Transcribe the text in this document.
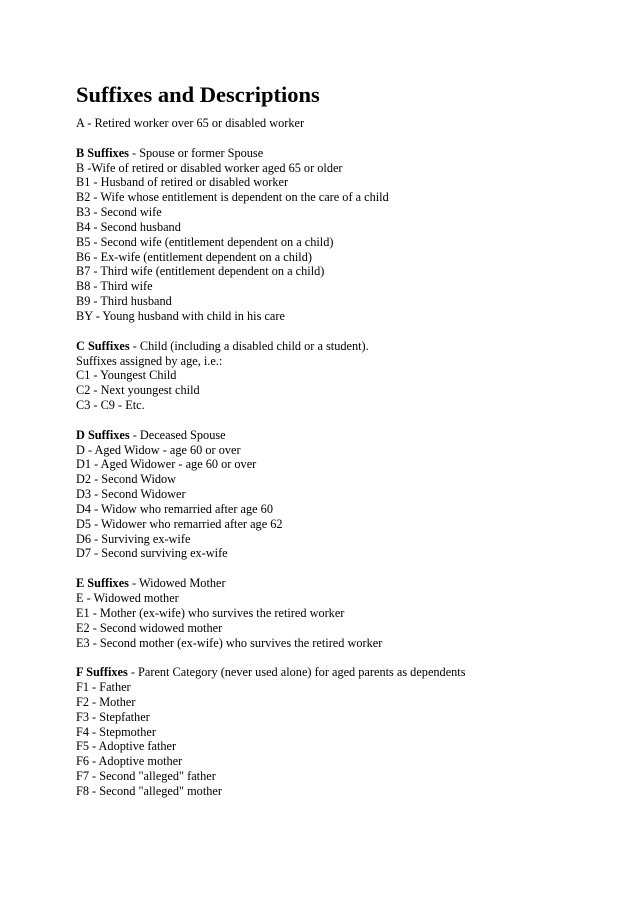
Suffixes and Descriptions
A - Retired worker over 65 or disabled worker
B Suffixes - Spouse or former Spouse
B -Wife of retired or disabled worker aged 65 or older
B1 - Husband of retired or disabled worker
B2 - Wife whose entitlement is dependent on the care of a child
B3 - Second wife
B4 - Second husband
B5 - Second wife (entitlement dependent on a child)
B6 - Ex-wife (entitlement dependent on a child)
B7 - Third wife (entitlement dependent on a child)
B8 - Third wife
B9 - Third husband
BY - Young husband with child in his care
C Suffixes - Child (including a disabled child or a student).
Suffixes assigned by age, i.e.:
C1 - Youngest Child
C2 - Next youngest child
C3 - C9 - Etc.
D Suffixes - Deceased Spouse
D - Aged Widow - age 60 or over
D1 - Aged Widower - age 60 or over
D2 - Second Widow
D3 - Second Widower
D4 - Widow who remarried after age 60
D5 - Widower who remarried after age 62
D6 - Surviving ex-wife
D7 - Second surviving ex-wife
E Suffixes - Widowed Mother
E - Widowed mother
E1 - Mother (ex-wife) who survives the retired worker
E2 - Second widowed mother
E3 - Second mother (ex-wife) who survives the retired worker
F Suffixes - Parent Category (never used alone) for aged parents as dependents
F1 - Father
F2 - Mother
F3 - Stepfather
F4 - Stepmother
F5 - Adoptive father
F6 - Adoptive mother
F7 - Second "alleged" father
F8 - Second "alleged" mother
